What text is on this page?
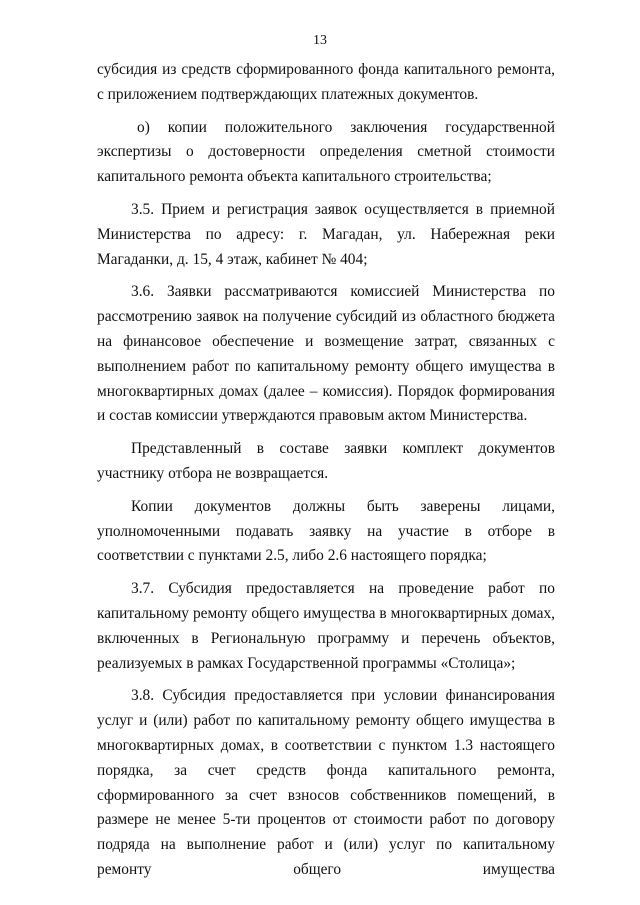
13

субсидия из средств сформированного фонда капитального ремонта, с приложением подтверждающих платежных документов.

о) копии положительного заключения государственной экспертизы о достоверности определения сметной стоимости капитального ремонта объекта капитального строительства;

3.5. Прием и регистрация заявок осуществляется в приемной Министерства по адресу: г. Магадан, ул. Набережная реки Магаданки, д. 15, 4 этаж, кабинет № 404;

3.6. Заявки рассматриваются комиссией Министерства по рассмотрению заявок на получение субсидий из областного бюджета на финансовое обеспечение и возмещение затрат, связанных с выполнением работ по капитальному ремонту общего имущества в многоквартирных домах (далее – комиссия). Порядок формирования и состав комиссии утверждаются правовым актом Министерства.

Представленный в составе заявки комплект документов участнику отбора не возвращается.

Копии документов должны быть заверены лицами, уполномоченными подавать заявку на участие в отборе в соответствии с пунктами 2.5, либо 2.6 настоящего порядка;

3.7. Субсидия предоставляется на проведение работ по капитальному ремонту общего имущества в многоквартирных домах, включенных в Региональную программу и перечень объектов, реализуемых в рамках Государственной программы «Столица»;

3.8. Субсидия предоставляется при условии финансирования услуг и (или) работ по капитальному ремонту общего имущества в многоквартирных домах, в соответствии с пунктом 1.3 настоящего порядка, за счет средств фонда капитального ремонта, сформированного за счет взносов собственников помещений, в размере не менее 5-ти процентов от стоимости работ по договору подряда на выполнение работ и (или) услуг по капитальному ремонту общего имущества
